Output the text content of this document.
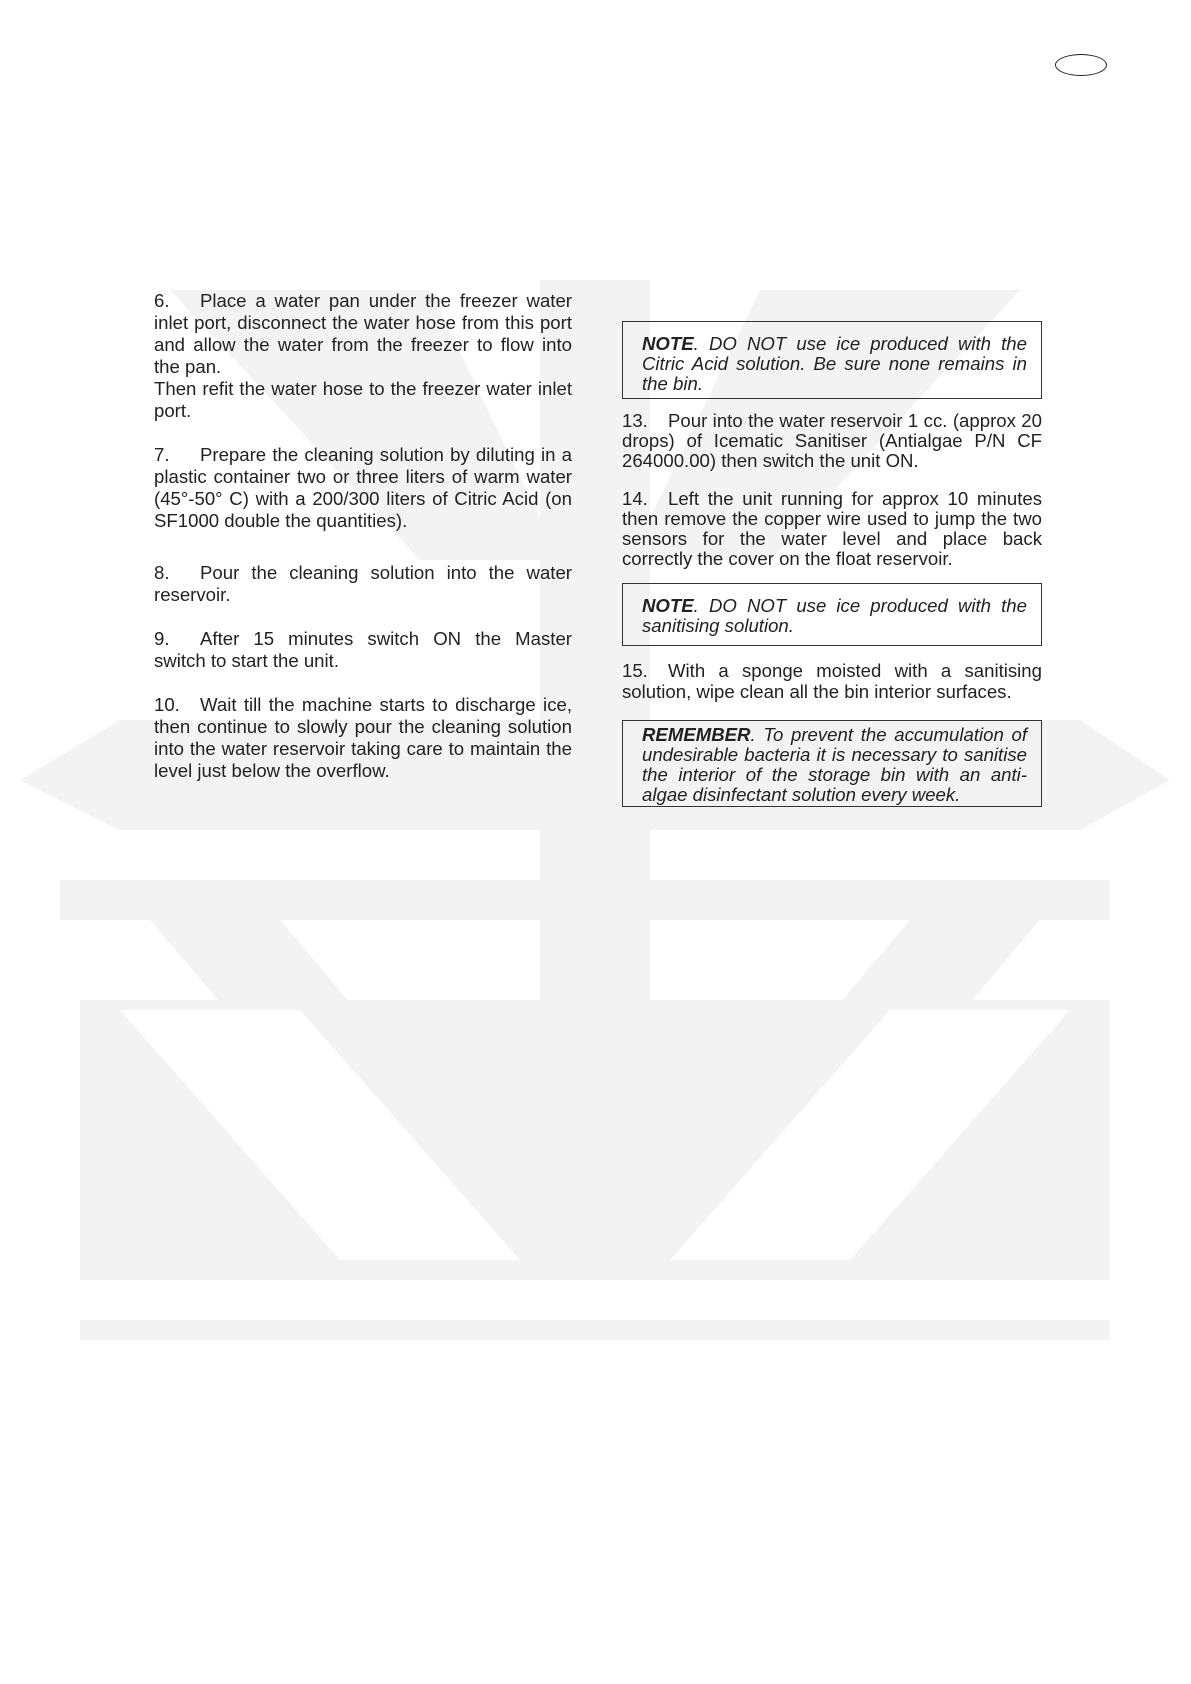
6. Place a water pan under the freezer water inlet port, disconnect the water hose from this port and allow the water from the freezer to flow into the pan.
Then refit the water hose to the freezer water inlet port.
7. Prepare the cleaning solution by diluting in a plastic container two or three liters of warm water (45°-50° C) with a 200/300 liters of Citric Acid (on SF1000 double the quantities).
8. Pour the cleaning solution into the water reservoir.
9. After 15 minutes switch ON the Master switch to start the unit.
10. Wait till the machine starts to discharge ice, then continue to slowly pour the cleaning solution into the water reservoir taking care to maintain the level just below the overflow.
NOTE. DO NOT use ice produced with the Citric Acid solution. Be sure none remains in the bin.
13. Pour into the water reservoir 1 cc. (approx 20 drops) of Icematic Sanitiser (Antialgae P/N CF 264000.00) then switch the unit ON.
14. Left the unit running for approx 10 minutes then remove the copper wire used to jump the two sensors for the water level and place back correctly the cover on the float reservoir.
NOTE. DO NOT use ice produced with the sanitising solution.
15. With a sponge moisted with a sanitising solution, wipe clean all the bin interior surfaces.
REMEMBER. To prevent the accumulation of undesirable bacteria it is necessary to sanitise the interior of the storage bin with an anti-algae disinfectant solution every week.
